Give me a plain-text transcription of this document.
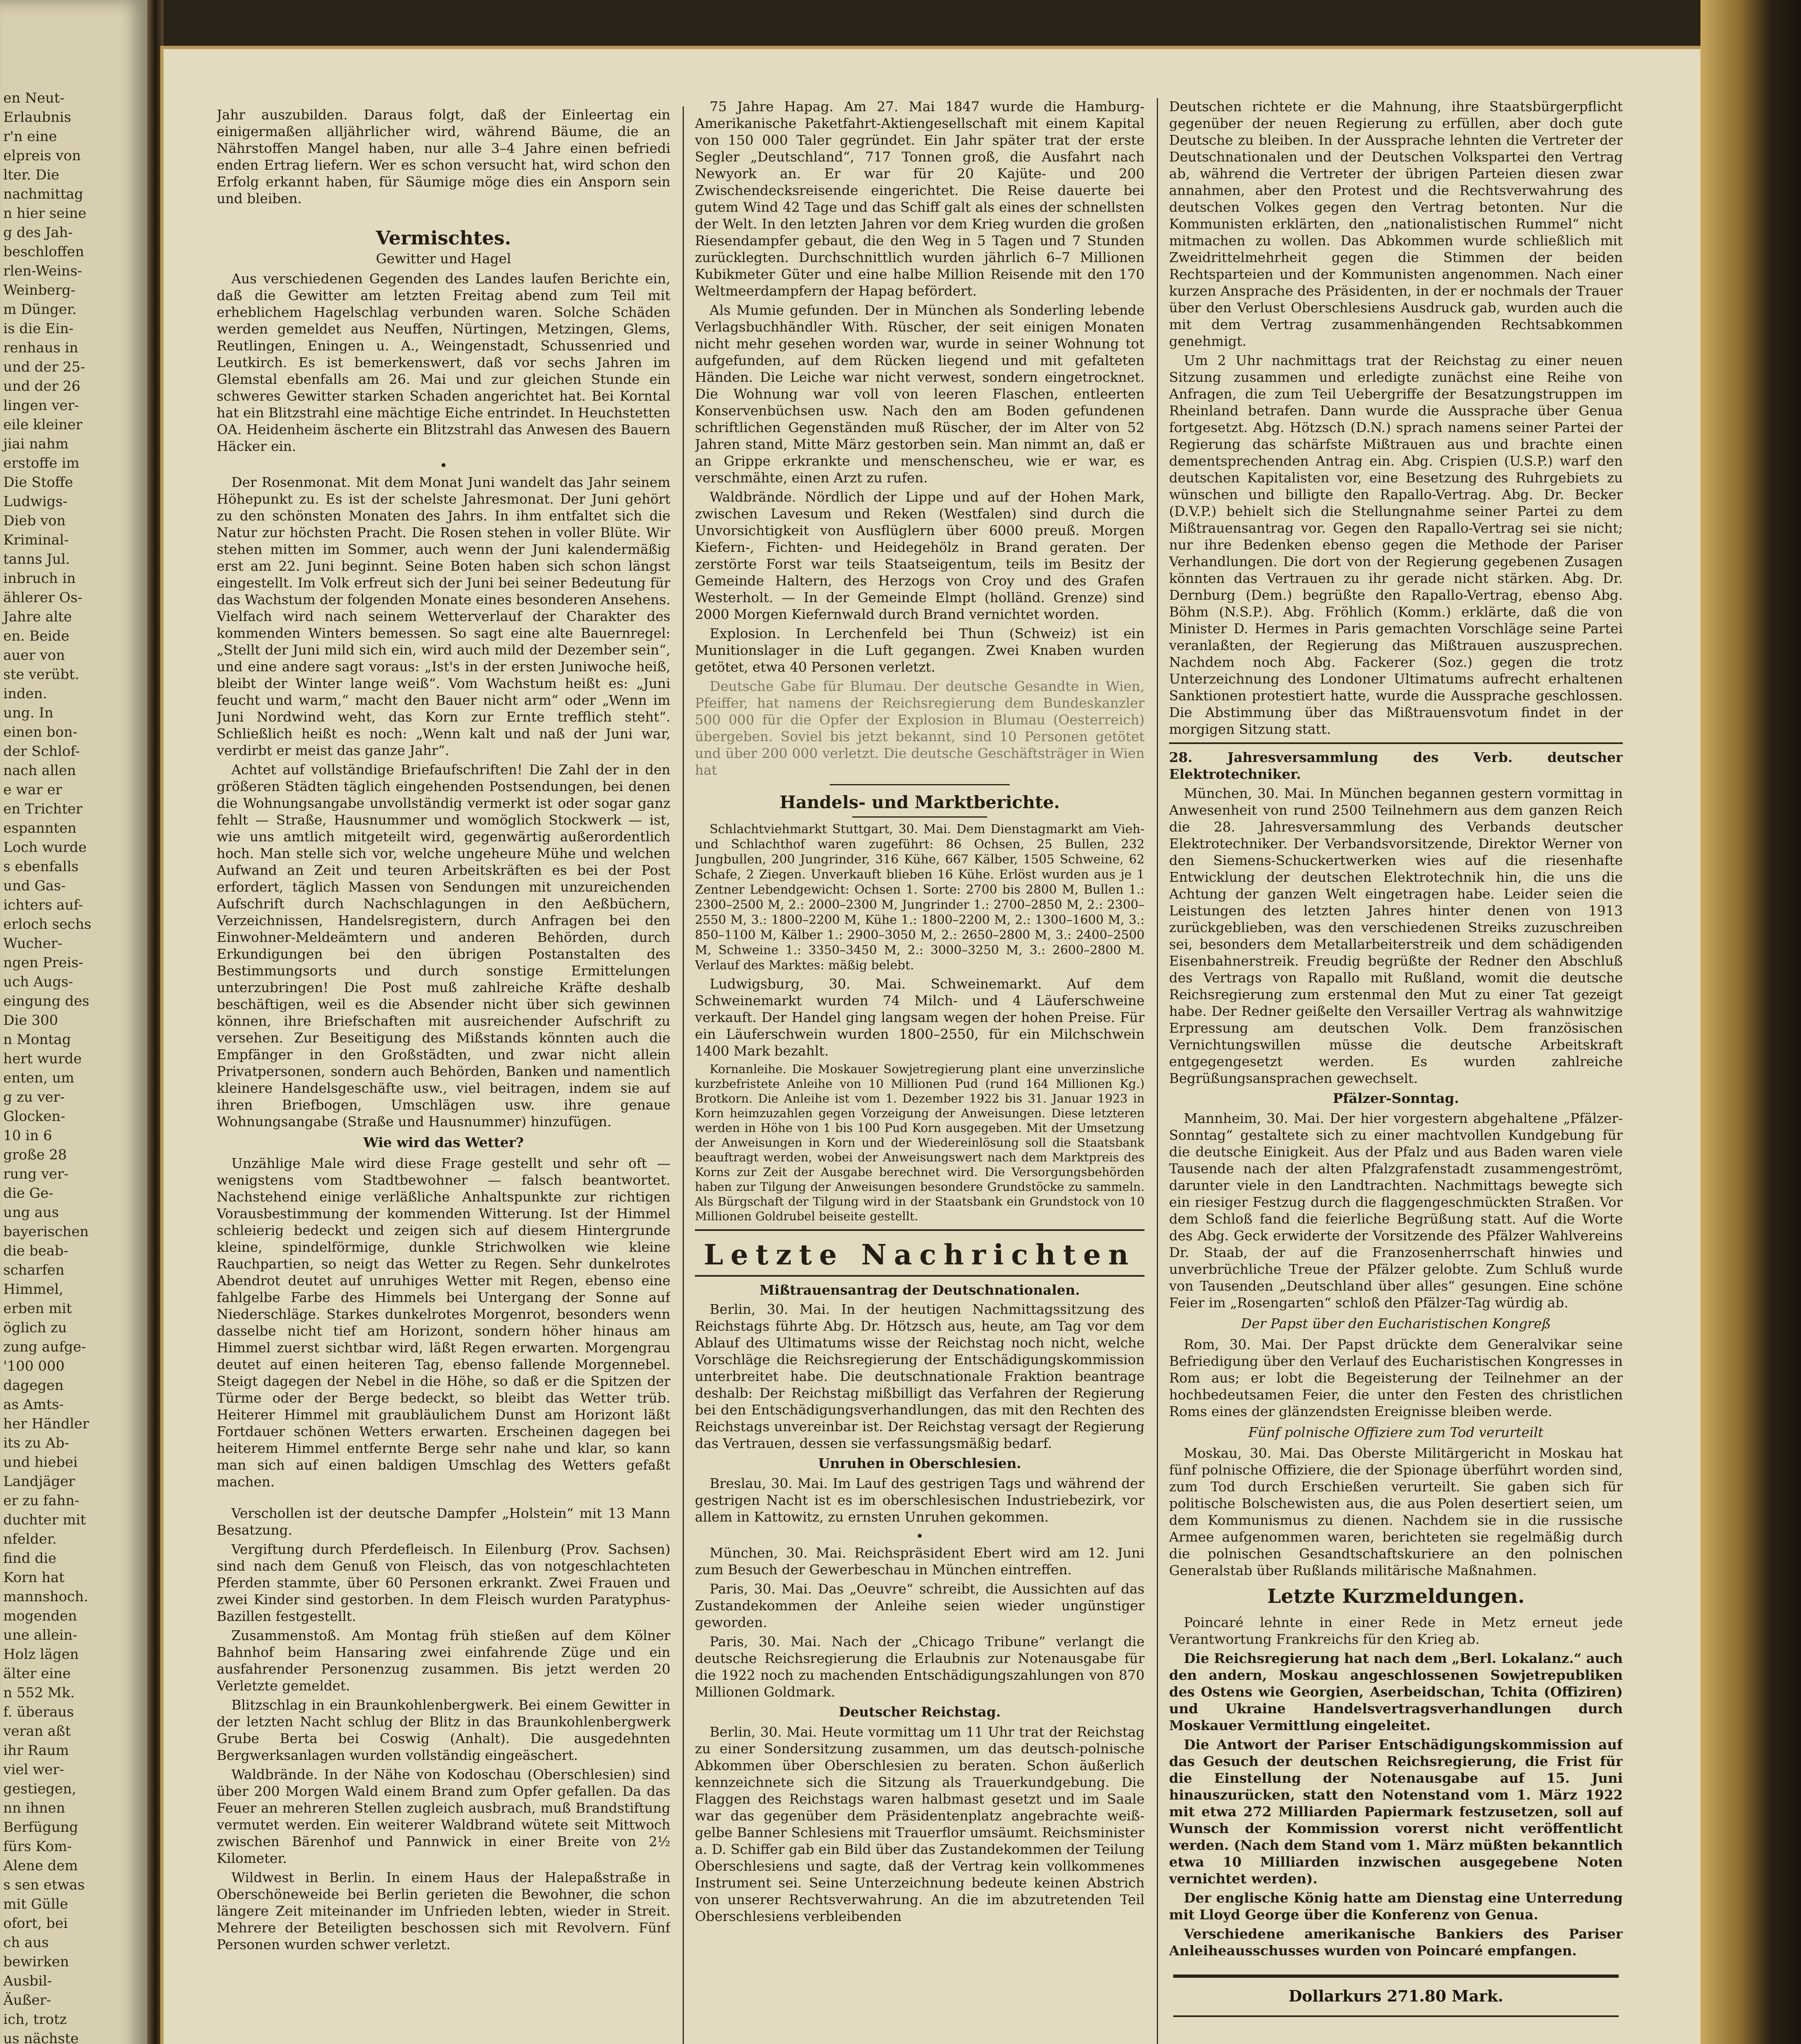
en Neut-
Erlaubnis
r'n eine
elpreis von
lter. Die
nachmittag
n hier seine
g des Jah-
beschloffen
rlen-Weins-
Weinberg-
m Dünger.
is die Ein-
renhaus in
und der 25-
und der 26
lingen ver-
eile kleiner
jiai nahm
erstoffe im
Die Stoffe
Ludwigs-
Dieb von
Kriminal-
tanns Jul.
inbruch in
ählerer Os-
Jahre alte
en. Beide
auer von
ste verübt.
inden.
ung. In
einen bon-
der Schlof-
nach allen
e war er
en Trichter
espannten
Loch wurde
s ebenfalls
und Gas-
ichters auf-
erloch sechs
Wucher-
ngen Preis-
uch Augs-
eingung des
Die 300
n Montag
hert wurde
enten, um
g zu ver-
Glocken-
10 in 6
große 28
rung ver-
die Ge-
ung aus
bayerischen
die beab-
scharfen
Himmel,
erben mit
öglich zu
zung aufge-
'100 000
dagegen
as Amts-
her Händler
its zu Ab-
und hiebei
Landjäger
er zu fahn-
duchter mit
nfelder.
find die
Korn hat
mannshoch.
mogenden
une allein-
Holz lägen
älter eine
n 552 Mk.
f. überaus
veran aßt
ihr Raum
viel wer-
gestiegen,
nn ihnen
Berfügung
fürs Kom-
Alene dem
s sen etwas
mit Gülle
ofort, bei
ch aus
bewirken
Ausbil-
Äußer-
ich, trotz
us nächste

Jahr auszubilden. Daraus folgt, daß der Einleertag ein einigermaßen alljährlicher wird, während Bäume, die an Nährstoffen Mangel haben, nur alle 3–4 Jahre einen befriedi enden Ertrag liefern. Wer es schon versucht hat, wird schon den Erfolg erkannt haben, für Säumige möge dies ein Ansporn sein und bleiben.

Vermischtes.
Gewitter und Hagel

Aus verschiedenen Gegenden des Landes laufen Berichte ein, daß die Gewitter am letzten Freitag abend zum Teil mit erheblichem Hagelschlag verbunden waren. Solche Schäden werden gemeldet aus Neuffen, Nürtingen, Metzingen, Glems, Reutlingen, Eningen u. A., Weingenstadt, Schussenried und Leutkirch. Es ist bemerkenswert, daß vor sechs Jahren im Glemstal ebenfalls am 26. Mai und zur gleichen Stunde ein schweres Gewitter starken Schaden angerichtet hat. Bei Korntal hat ein Blitzstrahl eine mächtige Eiche entrindet. In Heuchstetten OA. Heidenheim äscherte ein Blitzstrahl das Anwesen des Bauern Häcker ein.

•

Der Rosenmonat. Mit dem Monat Juni wandelt das Jahr seinem Höhepunkt zu. Es ist der schelste Jahresmonat. Der Juni gehört zu den schönsten Monaten des Jahrs. In ihm entfaltet sich die Natur zur höchsten Pracht. Die Rosen stehen in voller Blüte. Wir stehen mitten im Sommer, auch wenn der Juni kalendermäßig erst am 22. Juni beginnt. Seine Boten haben sich schon längst eingestellt. Im Volk erfreut sich der Juni bei seiner Bedeutung für das Wachstum der folgenden Monate eines besonderen Ansehens. Vielfach wird nach seinem Wetterverlauf der Charakter des kommenden Winters bemessen. So sagt eine alte Bauernregel: „Stellt der Juni mild sich ein, wird auch mild der Dezember sein“, und eine andere sagt voraus: „Ist's in der ersten Juniwoche heiß, bleibt der Winter lange weiß“. Vom Wachstum heißt es: „Juni feucht und warm,“ macht den Bauer nicht arm“ oder „Wenn im Juni Nordwind weht, das Korn zur Ernte trefflich steht“. Schließlich heißt es noch: „Wenn kalt und naß der Juni war, verdirbt er meist das ganze Jahr“.

Achtet auf vollständige Briefaufschriften! Die Zahl der in den größeren Städten täglich eingehenden Postsendungen, bei denen die Wohnungsangabe unvollständig vermerkt ist oder sogar ganz fehlt — Straße, Hausnummer und womöglich Stockwerk — ist, wie uns amtlich mitgeteilt wird, gegenwärtig außerordentlich hoch. Man stelle sich vor, welche ungeheure Mühe und welchen Aufwand an Zeit und teuren Arbeitskräften es bei der Post erfordert, täglich Massen von Sendungen mit unzureichenden Aufschrift durch Nachschlagungen in den Aeßbüchern, Verzeichnissen, Handelsregistern, durch Anfragen bei den Einwohner-Meldeämtern und anderen Behörden, durch Erkundigungen bei den übrigen Postanstalten des Bestimmungsorts und durch sonstige Ermittelungen unterzubringen! Die Post muß zahlreiche Kräfte deshalb beschäftigen, weil es die Absender nicht über sich gewinnen können, ihre Briefschaften mit ausreichender Aufschrift zu versehen. Zur Beseitigung des Mißstands könnten auch die Empfänger in den Großstädten, und zwar nicht allein Privatpersonen, sondern auch Behörden, Banken und namentlich kleinere Handelsgeschäfte usw., viel beitragen, indem sie auf ihren Briefbogen, Umschlägen usw. ihre genaue Wohnungsangabe (Straße und Hausnummer) hinzufügen.

Wie wird das Wetter?

Unzählige Male wird diese Frage gestellt und sehr oft — wenigstens vom Stadtbewohner — falsch beantwortet. Nachstehend einige verläßliche Anhaltspunkte zur richtigen Vorausbestimmung der kommenden Witterung. Ist der Himmel schleierig bedeckt und zeigen sich auf diesem Hintergrunde kleine, spindelförmige, dunkle Strichwolken wie kleine Rauchpartien, so neigt das Wetter zu Regen. Sehr dunkelrotes Abendrot deutet auf unruhiges Wetter mit Regen, ebenso eine fahlgelbe Farbe des Himmels bei Untergang der Sonne auf Niederschläge. Starkes dunkelrotes Morgenrot, besonders wenn dasselbe nicht tief am Horizont, sondern höher hinaus am Himmel zuerst sichtbar wird, läßt Regen erwarten. Morgengrau deutet auf einen heiteren Tag, ebenso fallende Morgennebel. Steigt dagegen der Nebel in die Höhe, so daß er die Spitzen der Türme oder der Berge bedeckt, so bleibt das Wetter trüb. Heiterer Himmel mit graubläulichem Dunst am Horizont läßt Fortdauer schönen Wetters erwarten. Erscheinen dagegen bei heiterem Himmel entfernte Berge sehr nahe und klar, so kann man sich auf einen baldigen Umschlag des Wetters gefaßt machen.

Verschollen ist der deutsche Dampfer „Holstein“ mit 13 Mann Besatzung.

Vergiftung durch Pferdefleisch. In Eilenburg (Prov. Sachsen) sind nach dem Genuß von Fleisch, das von notgeschlachteten Pferden stammte, über 60 Personen erkrankt. Zwei Frauen und zwei Kinder sind gestorben. In dem Fleisch wurden Paratyphus-Bazillen festgestellt.

Zusammenstoß. Am Montag früh stießen auf dem Kölner Bahnhof beim Hansaring zwei einfahrende Züge und ein ausfahrender Personenzug zusammen. Bis jetzt werden 20 Verletzte gemeldet.

Blitzschlag in ein Braunkohlenbergwerk. Bei einem Gewitter in der letzten Nacht schlug der Blitz in das Braunkohlenbergwerk Grube Berta bei Coswig (Anhalt). Die ausgedehnten Bergwerksanlagen wurden vollständig eingeäschert.

Waldbrände. In der Nähe von Kodoschau (Oberschlesien) sind über 200 Morgen Wald einem Brand zum Opfer gefallen. Da das Feuer an mehreren Stellen zugleich ausbrach, muß Brandstiftung vermutet werden. Ein weiterer Waldbrand wütete seit Mittwoch zwischen Bärenhof und Pannwick in einer Breite von 2½ Kilometer.

Wildwest in Berlin. In einem Haus der Halepaßstraße in Oberschöneweide bei Berlin gerieten die Bewohner, die schon längere Zeit miteinander im Unfrieden lebten, wieder in Streit. Mehrere der Beteiligten beschossen sich mit Revolvern. Fünf Personen wurden schwer verletzt.

75 Jahre Hapag. Am 27. Mai 1847 wurde die Hamburg-Amerikanische Paketfahrt-Aktiengesellschaft mit einem Kapital von 150 000 Taler gegründet. Ein Jahr später trat der erste Segler „Deutschland“, 717 Tonnen groß, die Ausfahrt nach Newyork an. Er war für 20 Kajüte- und 200 Zwischendecksreisende eingerichtet. Die Reise dauerte bei gutem Wind 42 Tage und das Schiff galt als eines der schnellsten der Welt. In den letzten Jahren vor dem Krieg wurden die großen Riesendampfer gebaut, die den Weg in 5 Tagen und 7 Stunden zurücklegten. Durchschnittlich wurden jährlich 6–7 Millionen Kubikmeter Güter und eine halbe Million Reisende mit den 170 Weltmeerdampfern der Hapag befördert.

Als Mumie gefunden. Der in München als Sonderling lebende Verlagsbuchhändler With. Rüscher, der seit einigen Monaten nicht mehr gesehen worden war, wurde in seiner Wohnung tot aufgefunden, auf dem Rücken liegend und mit gefalteten Händen. Die Leiche war nicht verwest, sondern eingetrocknet. Die Wohnung war voll von leeren Flaschen, entleerten Konservenbüchsen usw. Nach den am Boden gefundenen schriftlichen Gegenständen muß Rüscher, der im Alter von 52 Jahren stand, Mitte März gestorben sein. Man nimmt an, daß er an Grippe erkrankte und menschenscheu, wie er war, es verschmähte, einen Arzt zu rufen.

Waldbrände. Nördlich der Lippe und auf der Hohen Mark, zwischen Lavesum und Reken (Westfalen) sind durch die Unvorsichtigkeit von Ausflüglern über 6000 preuß. Morgen Kiefern-, Fichten- und Heidegehölz in Brand geraten. Der zerstörte Forst war teils Staatseigentum, teils im Besitz der Gemeinde Haltern, des Herzogs von Croy und des Grafen Westerholt. — In der Gemeinde Elmpt (holländ. Grenze) sind 2000 Morgen Kiefernwald durch Brand vernichtet worden.

Explosion. In Lerchenfeld bei Thun (Schweiz) ist ein Munitionslager in die Luft gegangen. Zwei Knaben wurden getötet, etwa 40 Personen verletzt.

Deutsche Gabe für Blumau. Der deutsche Gesandte in Wien, Pfeiffer, hat namens der Reichsregierung dem Bundeskanzler 500 000 für die Opfer der Explosion in Blumau (Oesterreich) übergeben. Soviel bis jetzt bekannt, sind 10 Personen getötet und über 200 000 verletzt. Die deutsche Geschäftsträger in Wien hat

Handels- und Marktberichte.

Schlachtviehmarkt Stuttgart, 30. Mai. Dem Dienstagmarkt am Vieh- und Schlachthof waren zugeführt: 86 Ochsen, 25 Bullen, 232 Jungbullen, 200 Jungrinder, 316 Kühe, 667 Kälber, 1505 Schweine, 62 Schafe, 2 Ziegen. Unverkauft blieben 16 Kühe. Erlöst wurden aus je 1 Zentner Lebendgewicht: Ochsen 1. Sorte: 2700 bis 2800 M, Bullen 1.: 2300–2500 M, 2.: 2000–2300 M, Jungrinder 1.: 2700–2850 M, 2.: 2300–2550 M, 3.: 1800–2200 M, Kühe 1.: 1800–2200 M, 2.: 1300–1600 M, 3.: 850–1100 M, Kälber 1.: 2900–3050 M, 2.: 2650–2800 M, 3.: 2400–2500 M, Schweine 1.: 3350–3450 M, 2.: 3000–3250 M, 3.: 2600–2800 M. Verlauf des Marktes: mäßig belebt.

Ludwigsburg, 30. Mai. Schweinemarkt. Auf dem Schweinemarkt wurden 74 Milch- und 4 Läuferschweine verkauft. Der Handel ging langsam wegen der hohen Preise. Für ein Läuferschwein wurden 1800–2550, für ein Milchschwein 1400 Mark bezahlt.

Kornanleihe. Die Moskauer Sowjetregierung plant eine unverzinsliche kurzbefristete Anleihe von 10 Millionen Pud (rund 164 Millionen Kg.) Brotkorn. Die Anleihe ist vom 1. Dezember 1922 bis 31. Januar 1923 in Korn heimzuzahlen gegen Vorzeigung der Anweisungen. Diese letzteren werden in Höhe von 1 bis 100 Pud Korn ausgegeben. Mit der Umsetzung der Anweisungen in Korn und der Wiedereinlösung soll die Staatsbank beauftragt werden, wobei der Anweisungswert nach dem Marktpreis des Korns zur Zeit der Ausgabe berechnet wird. Die Versorgungsbehörden haben zur Tilgung der Anweisungen besondere Grundstöcke zu sammeln. Als Bürgschaft der Tilgung wird in der Staatsbank ein Grundstock von 10 Millionen Goldrubel beiseite gestellt.

Letzte Nachrichten
Mißtrauensantrag der Deutschnationalen.

Berlin, 30. Mai. In der heutigen Nachmittagssitzung des Reichstags führte Abg. Dr. Hötzsch aus, heute, am Tag vor dem Ablauf des Ultimatums wisse der Reichstag noch nicht, welche Vorschläge die Reichsregierung der Entschädigungskommission unterbreitet habe. Die deutschnationale Fraktion beantrage deshalb: Der Reichstag mißbilligt das Verfahren der Regierung bei den Entschädigungsverhandlungen, das mit den Rechten des Reichstags unvereinbar ist. Der Reichstag versagt der Regierung das Vertrauen, dessen sie verfassungsmäßig bedarf.

Unruhen in Oberschlesien.

Breslau, 30. Mai. Im Lauf des gestrigen Tags und während der gestrigen Nacht ist es im oberschlesischen Industriebezirk, vor allem in Kattowitz, zu ernsten Unruhen gekommen.

•

München, 30. Mai. Reichspräsident Ebert wird am 12. Juni zum Besuch der Gewerbeschau in München eintreffen.

Paris, 30. Mai. Das „Oeuvre“ schreibt, die Aussichten auf das Zustandekommen der Anleihe seien wieder ungünstiger geworden.

Paris, 30. Mai. Nach der „Chicago Tribune“ verlangt die deutsche Reichsregierung die Erlaubnis zur Notenausgabe für die 1922 noch zu machenden Entschädigungszahlungen von 870 Millionen Goldmark.

Deutscher Reichstag.

Berlin, 30. Mai. Heute vormittag um 11 Uhr trat der Reichstag zu einer Sondersitzung zusammen, um das deutsch-polnische Abkommen über Oberschlesien zu beraten. Schon äußerlich kennzeichnete sich die Sitzung als Trauerkundgebung. Die Flaggen des Reichstags waren halbmast gesetzt und im Saale war das gegenüber dem Präsidentenplatz angebrachte weiß-gelbe Banner Schlesiens mit Trauerflor umsäumt. Reichsminister a. D. Schiffer gab ein Bild über das Zustandekommen der Teilung Oberschlesiens und sagte, daß der Vertrag kein vollkommenes Instrument sei. Seine Unterzeichnung bedeute keinen Abstrich von unserer Rechtsverwahrung. An die im abzutretenden Teil Oberschlesiens verbleibenden

Deutschen richtete er die Mahnung, ihre Staatsbürgerpflicht gegenüber der neuen Regierung zu erfüllen, aber doch gute Deutsche zu bleiben. In der Aussprache lehnten die Vertreter der Deutschnationalen und der Deutschen Volkspartei den Vertrag ab, während die Vertreter der übrigen Parteien diesen zwar annahmen, aber den Protest und die Rechtsverwahrung des deutschen Volkes gegen den Vertrag betonten. Nur die Kommunisten erklärten, den „nationalistischen Rummel“ nicht mitmachen zu wollen. Das Abkommen wurde schließlich mit Zweidrittelmehrheit gegen die Stimmen der beiden Rechtsparteien und der Kommunisten angenommen. Nach einer kurzen Ansprache des Präsidenten, in der er nochmals der Trauer über den Verlust Oberschlesiens Ausdruck gab, wurden auch die mit dem Vertrag zusammenhängenden Rechtsabkommen genehmigt.

Um 2 Uhr nachmittags trat der Reichstag zu einer neuen Sitzung zusammen und erledigte zunächst eine Reihe von Anfragen, die zum Teil Uebergriffe der Besatzungstruppen im Rheinland betrafen. Dann wurde die Aussprache über Genua fortgesetzt. Abg. Hötzsch (D.N.) sprach namens seiner Partei der Regierung das schärfste Mißtrauen aus und brachte einen dementsprechenden Antrag ein. Abg. Crispien (U.S.P.) warf den deutschen Kapitalisten vor, eine Besetzung des Ruhrgebiets zu wünschen und billigte den Rapallo-Vertrag. Abg. Dr. Becker (D.V.P.) behielt sich die Stellungnahme seiner Partei zu dem Mißtrauensantrag vor. Gegen den Rapallo-Vertrag sei sie nicht; nur ihre Bedenken ebenso gegen die Methode der Pariser Verhandlungen. Die dort von der Regierung gegebenen Zusagen könnten das Vertrauen zu ihr gerade nicht stärken. Abg. Dr. Dernburg (Dem.) begrüßte den Rapallo-Vertrag, ebenso Abg. Böhm (N.S.P.). Abg. Fröhlich (Komm.) erklärte, daß die von Minister D. Hermes in Paris gemachten Vorschläge seine Partei veranlaßten, der Regierung das Mißtrauen auszusprechen. Nachdem noch Abg. Fackerer (Soz.) gegen die trotz Unterzeichnung des Londoner Ultimatums aufrecht erhaltenen Sanktionen protestiert hatte, wurde die Aussprache geschlossen. Die Abstimmung über das Mißtrauensvotum findet in der morgigen Sitzung statt.

28. Jahresversammlung des Verb. deutscher Elektrotechniker.

München, 30. Mai. In München begannen gestern vormittag in Anwesenheit von rund 2500 Teilnehmern aus dem ganzen Reich die 28. Jahresversammlung des Verbands deutscher Elektrotechniker. Der Verbandsvorsitzende, Direktor Werner von den Siemens-Schuckertwerken wies auf die riesenhafte Entwicklung der deutschen Elektrotechnik hin, die uns die Achtung der ganzen Welt eingetragen habe. Leider seien die Leistungen des letzten Jahres hinter denen von 1913 zurückgeblieben, was den verschiedenen Streiks zuzuschreiben sei, besonders dem Metallarbeiterstreik und dem schädigenden Eisenbahnerstreik. Freudig begrüßte der Redner den Abschluß des Vertrags von Rapallo mit Rußland, womit die deutsche Reichsregierung zum erstenmal den Mut zu einer Tat gezeigt habe. Der Redner geißelte den Versailler Vertrag als wahnwitzige Erpressung am deutschen Volk. Dem französischen Vernichtungswillen müsse die deutsche Arbeitskraft entgegengesetzt werden. Es wurden zahlreiche Begrüßungsansprachen gewechselt.

Pfälzer-Sonntag.

Mannheim, 30. Mai. Der hier vorgestern abgehaltene „Pfälzer-Sonntag“ gestaltete sich zu einer machtvollen Kundgebung für die deutsche Einigkeit. Aus der Pfalz und aus Baden waren viele Tausende nach der alten Pfalzgrafenstadt zusammengeströmt, darunter viele in den Landtrachten. Nachmittags bewegte sich ein riesiger Festzug durch die flaggengeschmückten Straßen. Vor dem Schloß fand die feierliche Begrüßung statt. Auf die Worte des Abg. Geck erwiderte der Vorsitzende des Pfälzer Wahlvereins Dr. Staab, der auf die Franzosenherrschaft hinwies und unverbrüchliche Treue der Pfälzer gelobte. Zum Schluß wurde von Tausenden „Deutschland über alles“ gesungen. Eine schöne Feier im „Rosengarten“ schloß den Pfälzer-Tag würdig ab.

Der Papst über den Eucharistischen Kongreß

Rom, 30. Mai. Der Papst drückte dem Generalvikar seine Befriedigung über den Verlauf des Eucharistischen Kongresses in Rom aus; er lobt die Begeisterung der Teilnehmer an der hochbedeutsamen Feier, die unter den Festen des christlichen Roms eines der glänzendsten Ereignisse bleiben werde.

Fünf polnische Offiziere zum Tod verurteilt

Moskau, 30. Mai. Das Oberste Militärgericht in Moskau hat fünf polnische Offiziere, die der Spionage überführt worden sind, zum Tod durch Erschießen verurteilt. Sie gaben sich für politische Bolschewisten aus, die aus Polen desertiert seien, um dem Kommunismus zu dienen. Nachdem sie in die russische Armee aufgenommen waren, berichteten sie regelmäßig durch die polnischen Gesandtschaftskuriere an den polnischen Generalstab über Rußlands militärische Maßnahmen.

Letzte Kurzmeldungen.

Poincaré lehnte in einer Rede in Metz erneut jede Verantwortung Frankreichs für den Krieg ab.

Die Reichsregierung hat nach dem „Berl. Lokalanz.“ auch den andern, Moskau angeschlossenen Sowjetrepubliken des Ostens wie Georgien, Aserbeidschan, Tchita (Offiziren) und Ukraine Handelsvertragsverhandlungen durch Moskauer Vermittlung eingeleitet.

Die Antwort der Pariser Entschädigungskommission auf das Gesuch der deutschen Reichsregierung, die Frist für die Einstellung der Notenausgabe auf 15. Juni hinauszurücken, statt den Notenstand vom 1. März 1922 mit etwa 272 Milliarden Papiermark festzusetzen, soll auf Wunsch der Kommission vorerst nicht veröffentlicht werden. (Nach dem Stand vom 1. März müßten bekanntlich etwa 10 Milliarden inzwischen ausgegebene Noten vernichtet werden).

Der englische König hatte am Dienstag eine Unterredung mit Lloyd George über die Konferenz von Genua.

Verschiedene amerikanische Bankiers des Pariser Anleiheausschusses wurden von Poincaré empfangen.

Dollarkurs 271.80 Mark.
